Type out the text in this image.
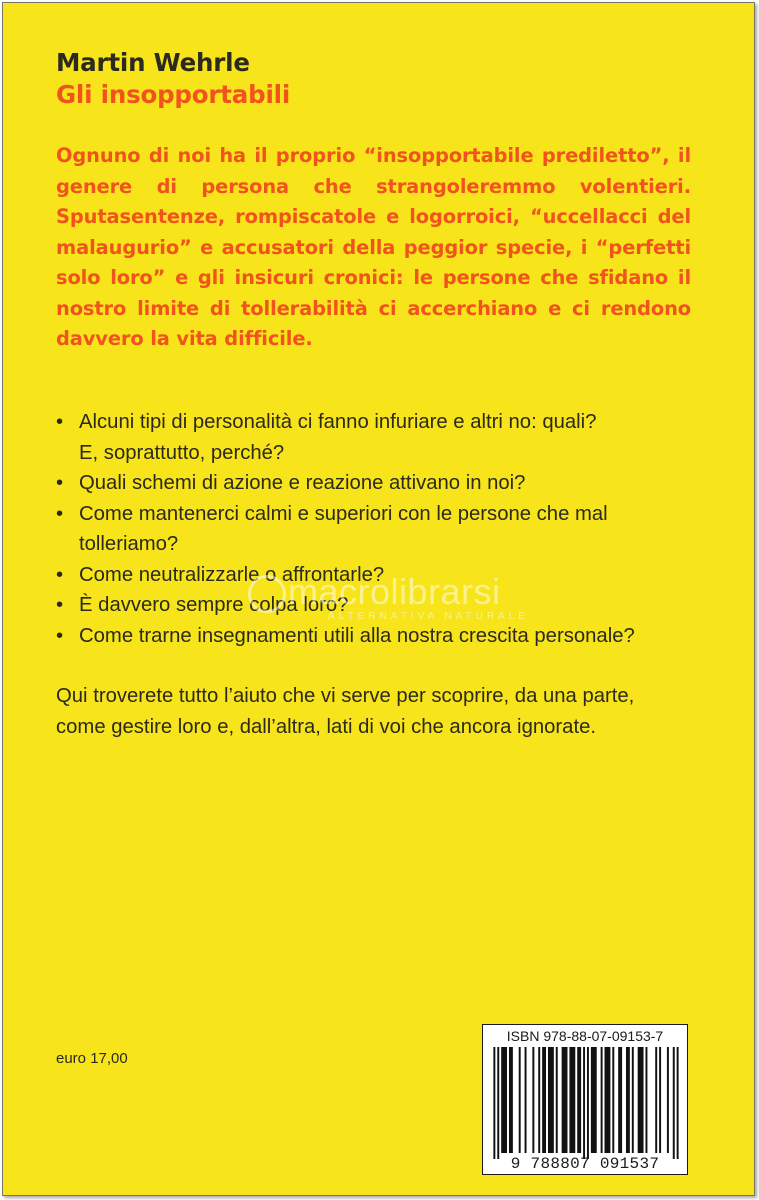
Martin Wehrle
Gli insopportabili
Ognuno di noi ha il proprio “insopportabile prediletto”, il
genere di persona che strangoleremmo volentieri.
Sputasentenze, rompiscatole e logorroici, “uccellacci del
malaugurio” e accusatori della peggior specie, i “perfetti
solo loro” e gli insicuri cronici: le persone che sfidano il
nostro limite di tollerabilità ci accerchiano e ci rendono
davvero la vita difficile.
• Alcuni tipi di personalità ci fanno infuriare e altri no: quali?
E, soprattutto, perché?
• Quali schemi di azione e reazione attivano in noi?
• Come mantenerci calmi e superiori con le persone che mal
tolleriamo?
• Come neutralizzarle o affrontarle?
• È davvero sempre colpa loro?
• Come trarne insegnamenti utili alla nostra crescita personale?
Qui troverete tutto l’aiuto che vi serve per scoprire, da una parte,
come gestire loro e, dall’altra, lati di voi che ancora ignorate.
macrolibrarsi
ALTERNATIVA NATURALE
euro 17,00
ISBN 978-88-07-09153-7
9 788807 091537
